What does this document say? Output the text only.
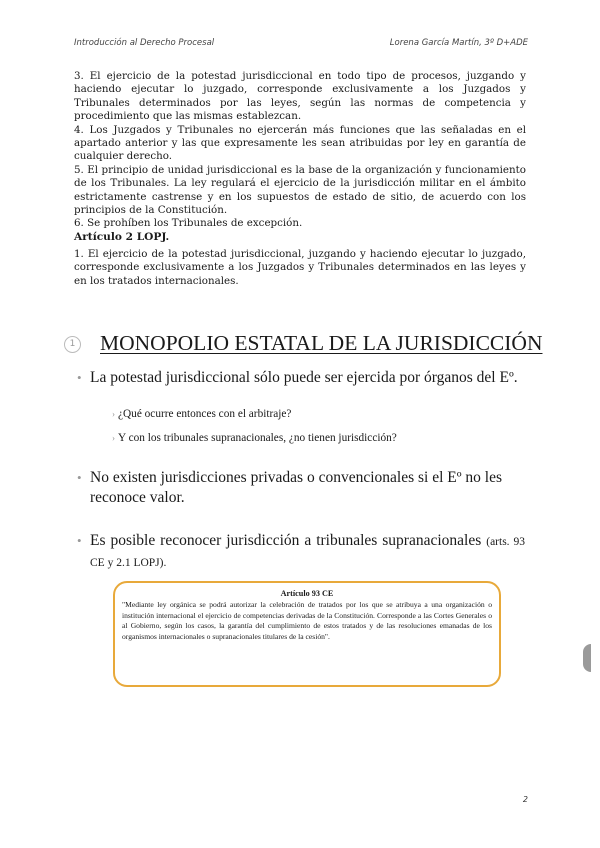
Introducción al Derecho Procesal	Lorena García Martín, 3º D+ADE

3. El ejercicio de la potestad jurisdiccional en todo tipo de procesos, juzgando y haciendo ejecutar lo juzgado, corresponde exclusivamente a los Juzgados y Tribunales determinados por las leyes, según las normas de competencia y procedimiento que las mismas establezcan.

4. Los Juzgados y Tribunales no ejercerán más funciones que las señaladas en el apartado anterior y las que expresamente les sean atribuidas por ley en garantía de cualquier derecho.

5. El principio de unidad jurisdiccional es la base de la organización y funcionamiento de los Tribunales. La ley regulará el ejercicio de la jurisdicción militar en el ámbito estrictamente castrense y en los supuestos de estado de sitio, de acuerdo con los principios de la Constitución.

6. Se prohíben los Tribunales de excepción.

Artículo 2 LOPJ.
1. El ejercicio de la potestad jurisdiccional, juzgando y haciendo ejecutar lo juzgado, corresponde exclusivamente a los Juzgados y Tribunales determinados en las leyes y en los tratados internacionales.
1 MONOPOLIO ESTATAL DE LA JURISDICCIÓN
• La potestad jurisdiccional sólo puede ser ejercida por órganos del Eº.
› ¿Qué ocurre entonces con el arbitraje?
› Y con los tribunales supranacionales, ¿no tienen jurisdicción?
• No existen jurisdicciones privadas o convencionales si el Eº no les reconoce valor.
• Es posible reconocer jurisdicción a tribunales supranacionales (arts. 93 CE y 2.1 LOPJ).
Artículo 93 CE
"Mediante ley orgánica se podrá autorizar la celebración de tratados por los que se atribuya a una organización o institución internacional el ejercicio de competencias derivadas de la Constitución. Corresponde a las Cortes Generales o al Gobierno, según los casos, la garantía del cumplimiento de estos tratados y de las resoluciones emanadas de los organismos internacionales o supranacionales titulares de la cesión".
2
